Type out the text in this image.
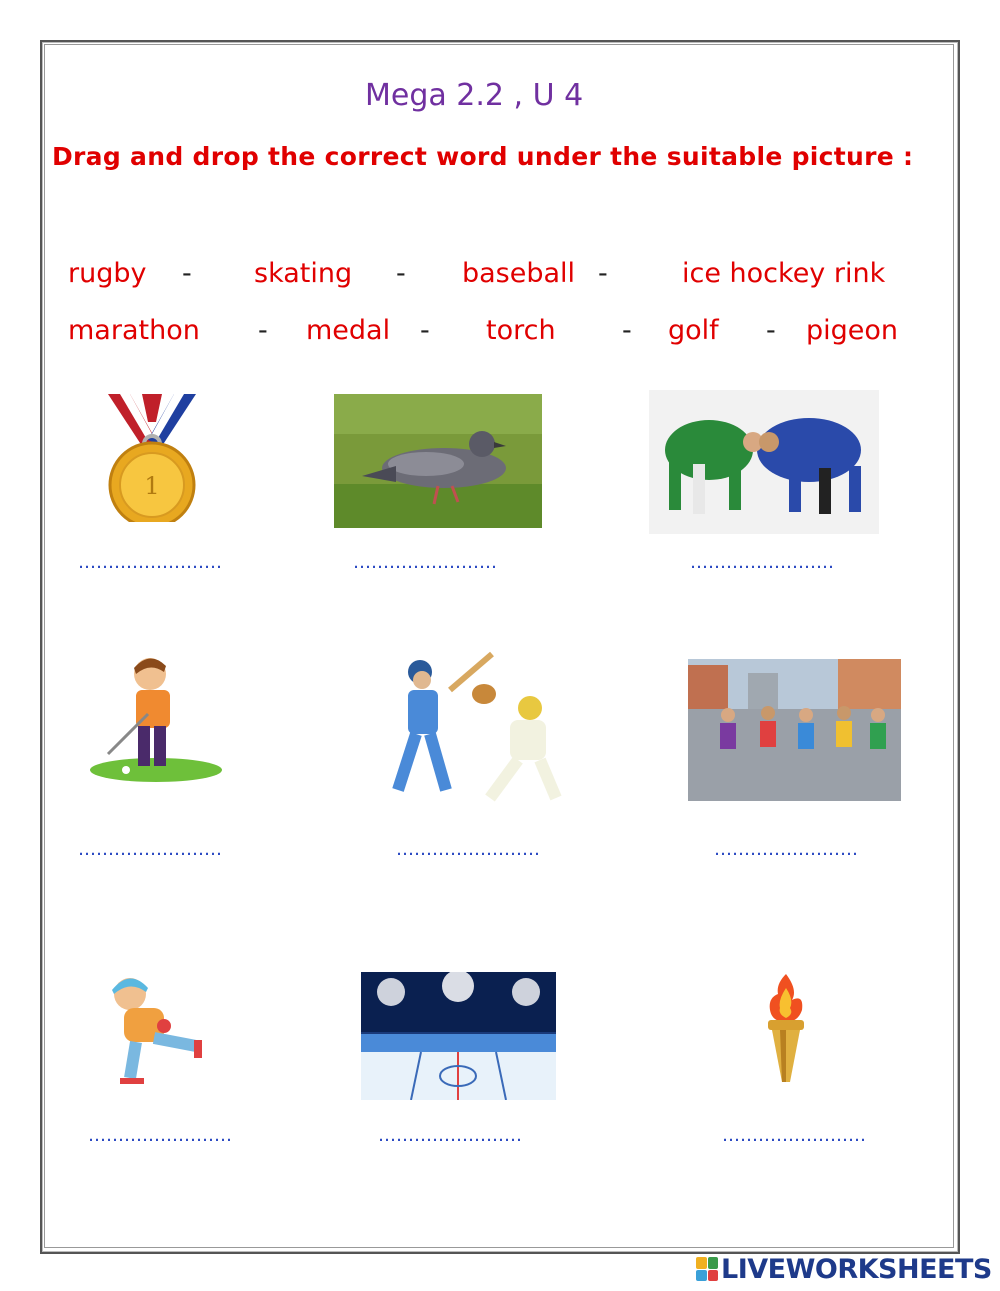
Mega 2.2 , U 4
Drag and drop the correct word under the suitable picture :
rugby - skating - baseball -	ice hockey rink
marathon - medal - torch - golf - pigeon
1
……………………	……………………	……………………
……………………	……………………	……………………
……………………	……………………	……………………
LIVEWORKSHEETS
